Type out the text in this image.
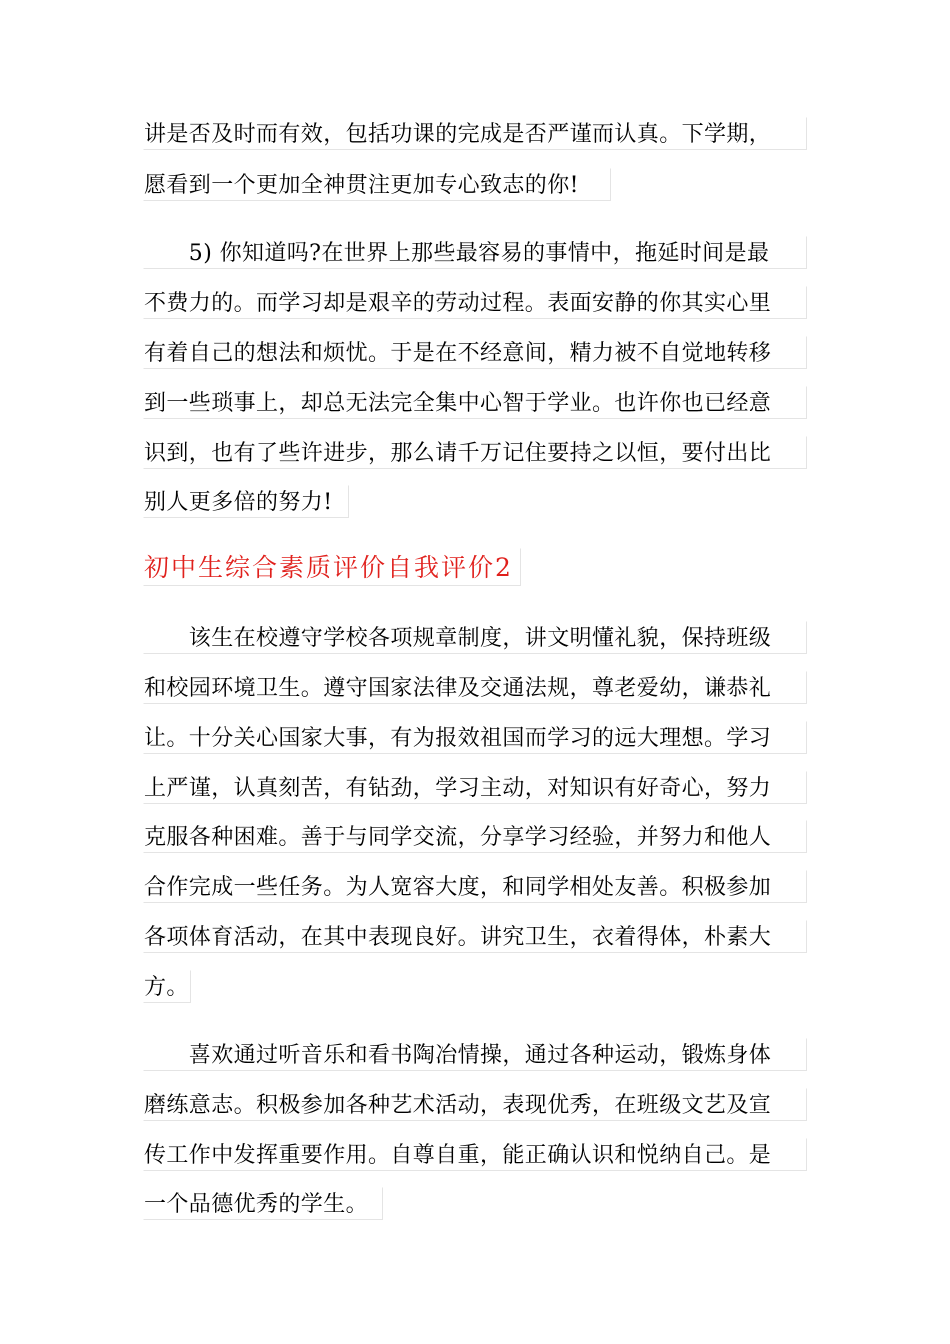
讲是否及时而有效，包括功课的完成是否严谨而认真。下学期，
愿看到一个更加全神贯注更加专心致志的你!
　　5) 你知道吗?在世界上那些最容易的事情中，拖延时间是最
不费力的。而学习却是艰辛的劳动过程。表面安静的你其实心里
有着自己的想法和烦忧。于是在不经意间，精力被不自觉地转移
到一些琐事上，却总无法完全集中心智于学业。也许你也已经意
识到，也有了些许进步，那么请千万记住要持之以恒，要付出比
别人更多倍的努力!
初中生综合素质评价自我评价2
　　该生在校遵守学校各项规章制度，讲文明懂礼貌，保持班级
和校园环境卫生。遵守国家法律及交通法规，尊老爱幼，谦恭礼
让。十分关心国家大事，有为报效祖国而学习的远大理想。学习
上严谨，认真刻苦，有钻劲，学习主动，对知识有好奇心，努力
克服各种困难。善于与同学交流，分享学习经验，并努力和他人
合作完成一些任务。为人宽容大度，和同学相处友善。积极参加
各项体育活动，在其中表现良好。讲究卫生，衣着得体，朴素大
方。
　　喜欢通过听音乐和看书陶冶情操，通过各种运动，锻炼身体
磨练意志。积极参加各种艺术活动，表现优秀，在班级文艺及宣
传工作中发挥重要作用。自尊自重，能正确认识和悦纳自己。是
一个品德优秀的学生。
